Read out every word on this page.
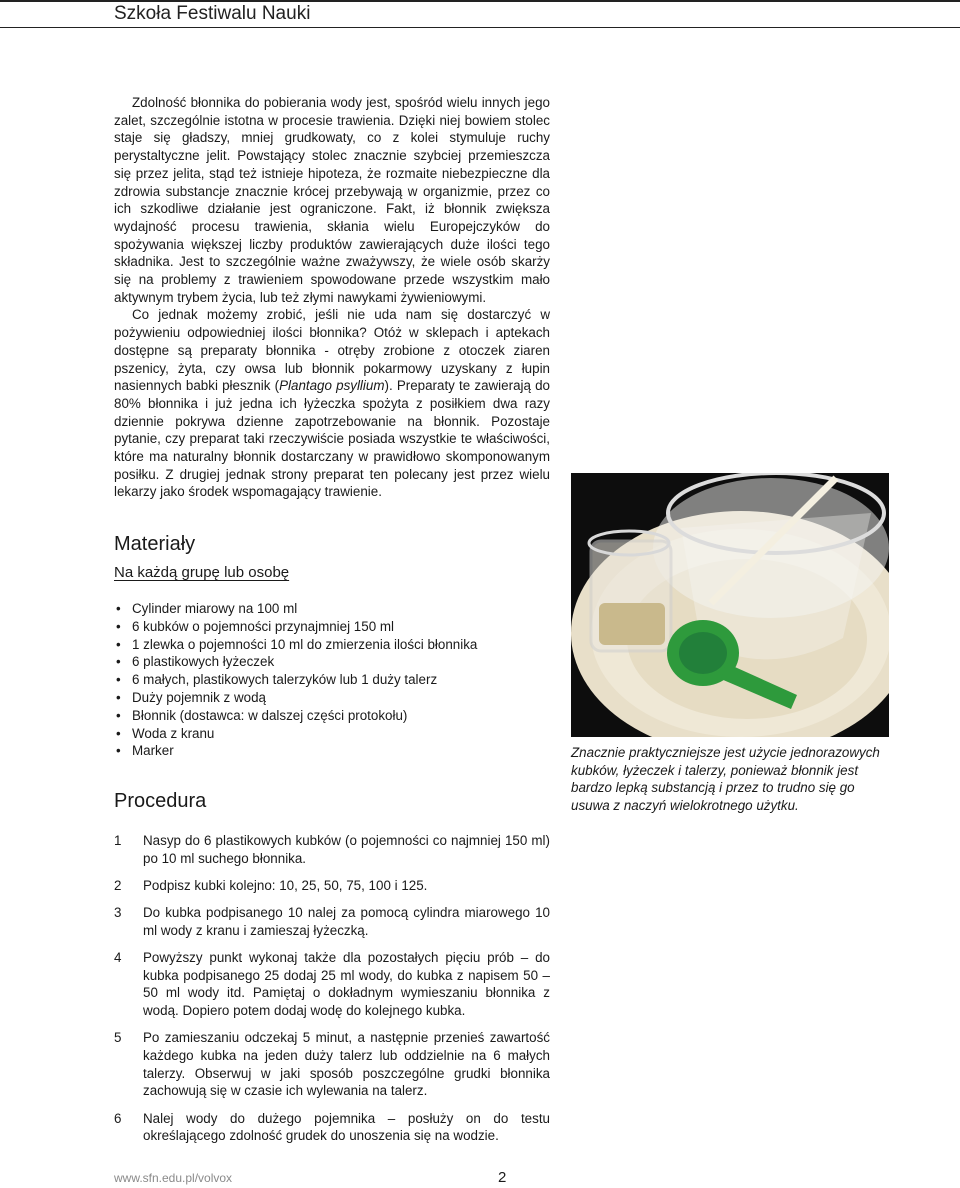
Szkoła Festiwalu Nauki

Zdolność błonnika do pobierania wody jest, spośród wielu innych jego zalet, szczególnie istotna w procesie trawienia. Dzięki niej bowiem stolec staje się gładszy, mniej grudkowaty, co z kolei stymuluje ruchy perystaltyczne jelit. Powstający stolec znacznie szybciej przemieszcza się przez jelita, stąd też istnieje hipoteza, że rozmaite niebezpieczne dla zdrowia substancje znacznie krócej przebywają w organizmie, przez co ich szkodliwe działanie jest ograniczone. Fakt, iż błonnik zwiększa wydajność procesu trawienia, skłania wielu Europejczyków do spożywania większej liczby produktów zawierających duże ilości tego składnika. Jest to szczególnie ważne zważywszy, że wiele osób skarży się na problemy z trawieniem spowodowane przede wszystkim mało aktywnym trybem życia, lub też złymi nawykami żywieniowymi.

Co jednak możemy zrobić, jeśli nie uda nam się dostarczyć w pożywieniu odpowiedniej ilości błonnika? Otóż w sklepach i aptekach dostępne są preparaty błonnika - otręby zrobione z otoczek ziaren pszenicy, żyta, czy owsa lub błonnik pokarmowy uzyskany z łupin nasiennych babki płesznik (Plantago psyllium). Preparaty te zawierają do 80% błonnika i już jedna ich łyżeczka spożyta z posiłkiem dwa razy dziennie pokrywa dzienne zapotrzebowanie na błonnik. Pozostaje pytanie, czy preparat taki rzeczywiście posiada wszystkie te właściwości, które ma naturalny błonnik dostarczany w prawidłowo skomponowanym posiłku. Z drugiej jednak strony preparat ten polecany jest przez wielu lekarzy jako środek wspomagający trawienie.

Materiały
Na każdą grupę lub osobę
• Cylinder miarowy na 100 ml
• 6 kubków o pojemności przynajmniej 150 ml
• 1 zlewka o pojemności 10 ml do zmierzenia ilości błonnika
• 6 plastikowych łyżeczek
• 6 małych, plastikowych talerzyków lub 1 duży talerz
• Duży pojemnik z wodą
• Błonnik (dostawca: w dalszej części protokołu)
• Woda z kranu
• Marker
Procedura
1 Nasyp do 6 plastikowych kubków (o pojemności co najmniej 150 ml) po 10 ml suchego błonnika.
2 Podpisz kubki kolejno: 10, 25, 50, 75, 100 i 125.
3 Do kubka podpisanego 10 nalej za pomocą cylindra miarowego 10 ml wody z kranu i zamieszaj łyżeczką.
4 Powyższy punkt wykonaj także dla pozostałych pięciu prób – do kubka podpisanego 25 dodaj 25 ml wody, do kubka z napisem 50 – 50 ml wody itd. Pamiętaj o dokładnym wymieszaniu błonnika z wodą. Dopiero potem dodaj wodę do kolejnego kubka.
5 Po zamieszaniu odczekaj 5 minut, a następnie przenieś zawartość każdego kubka na jeden duży talerz lub oddzielnie na 6 małych talerzy. Obserwuj w jaki sposób poszczególne grudki błonnika zachowują się w czasie ich wylewania na talerz.
6 Nalej wody do dużego pojemnika – posłuży on do testu określającego zdolność grudek do unoszenia się na wodzie.
Znacznie praktyczniejsze jest użycie jednorazowych kubków, łyżeczek i talerzy, ponieważ błonnik jest bardzo lepką substancją i przez to trudno się go usuwa z naczyń wielokrotnego użytku.
www.sfn.edu.pl/volvox	2
